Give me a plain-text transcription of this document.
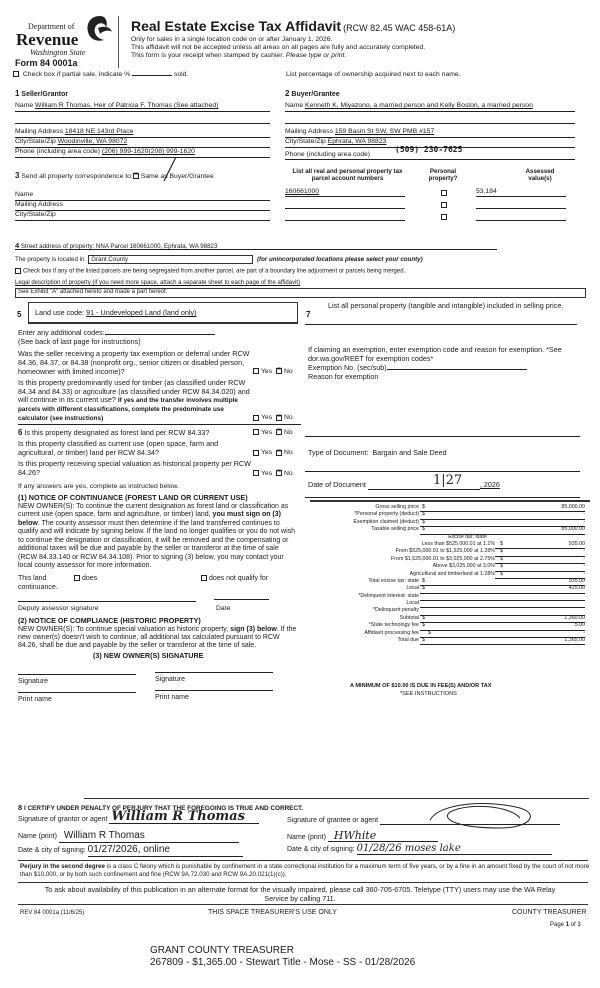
Department of
Revenue
Washington State
Form 84 0001a
Real Estate Excise Tax Affidavit (RCW 82.45 WAC 458-61A)
Only for sales in a single location code on or after January 1, 2026.
This affidavit will not be accepted unless all areas on all pages are fully and accurately completed.
This form is your receipt when stamped by cashier. Please type or print.
Check box if partial sale, indicate %	sold.	List percentage of ownership acquired next to each name.
1 Seller/Grantor
Name William R Thomas, Heir of Patricia F. Thomas (See attached)
Mailing Address 18418 NE 143rd Place
City/State/Zip Woodinville, WA 98072
Phone (including area code) (206) 999-1620(208) 999-1620
3 Send all property correspondence to: × Same as Buyer/Grantee
Name
Mailing Address
City/State/Zip
2 Buyer/Grantee
Name Kenneth K. Miyazono, a married person and Kelly Boston, a married person
Mailing Address 159 Basin St SW, SW PMB #157
City/State/Zip Ephrata, WA 98823
Phone (including area code)
(509) 230-7625
List all real and personal property tax parcel account numbers
Personal property?
Assessed value(s)
160661000	53,184
4 Street address of property: NNA Parcel 160661000, Ephrata, WA 98823
The property is located in Grant County	(for unincorporated locations please select your county)
Check box if any of the listed parcels are being segregated from another parcel, are part of a boundary line adjustment or parcels being merged.
Legal description of property (if you need more space, attach a separate sheet to each page of the affidavit)
See Exhibit "A" attached hereto and made a part hereof.
5	Land use code: 91 - Undeveloped Land (land only)	7
List all personal property (tangible and intangible) included in selling price.
Enter any additional codes:
(See back of last page for instructions)
Was the seller receiving a property tax exemption or deferral under RCW 84.36, 84.37, or 84.38 (nonprofit org., senior citizen or disabled person, homeowner with limited income)?	Yes × No
Is this property predominantly used for timber (as classified under RCW 84.34 and 84.33) or agriculture (as classified under RCW 84.34.020) and will continue in its current use? If yes and the transfer involves multiple parcels with different classifications, complete the predominate use calculator (see instructions)	Yes × No
6 Is this property designated as forest land per RCW 84.33?	Yes × No
Is this property classified as current use (open space, farm and agricultural, or timber) land per RCW 84.34?	Yes × No
Is this property receiving special valuation as historical property per RCW 84.26?	Yes × No
If any answers are yes, complete as instructed below.
(1) NOTICE OF CONTINUANCE (FOREST LAND OR CURRENT USE)
NEW OWNER(S): To continue the current designation as forest land or classification as current use (open space, farm and agriculture, or timber) land, you must sign on (3) below. The county assessor must then determine if the land transferred continues to qualify and will indicate by signing below. If the land no longer qualifies or you do not wish to continue the designation or classification, it will be removed and the compensating or additional taxes will be due and payable by the seller or transferor at the time of sale (RCW 84.33.140 or RCW 84.34.108). Prior to signing (3) below, you may contact your local county assessor for more information.
This land	does	does not qualify for
continuance.
Deputy assessor signature	Date
(2) NOTICE OF COMPLIANCE (HISTORIC PROPERTY)
NEW OWNER(S): To continue special valuation as historic property, sign (3) below. If the new owner(s) doesn't wish to continue, all additional tax calculated pursuant to RCW 84.26, shall be due and payable by the seller or transferor at the time of sale.
(3) NEW OWNER(S) SIGNATURE
Signature	Signature
Print name	Print name
If claiming an exemption, enter exemption code and reason for exemption. *See dor.wa.gov/REET for exemption codes*
Exemption No. (sec/sub)
Reason for exemption
Type of Document: Bargain and Sale Deed
Date of Document	1|27 , 2026
Gross selling price $	85,000.00
*Personal property (deduct) $	-
Exemption claimed (deduct) $	-
Taxable selling price $	85,000.00
Excise tax: state
Less than $525,000.01 at 1.1% $	935.00
From $525,000.01 to $1,525,000 at 1.28% $	-
From $1,525,000.01 to $3,025,000 at 2.75% $	-
Above $3,025,000 at 3.0% $	-
Agricultural and timberland at 1.28% $	-
Total excise tax: state $	935.00
Local $	425.00
*Delinquent interest: state
Local
*Delinquent penalty
Subtotal $	1,360.00
*State technology fee $	5.00
Affidavit processing fee $	-
Total due $	1,365.00
A MINIMUM OF $10.00 IS DUE IN FEE(S) AND/OR TAX
*SEE INSTRUCTIONS
8 I CERTIFY UNDER PENALTY OF PERJURY THAT THE FOREGOING IS TRUE AND CORRECT.
Signature of grantor or agent William R Thomas
Name (print) William R Thomas
Date & city of signing: 01/27/2026, online
Signature of grantee or agent
Name (print) HWhite
Date & city of signing: 01/28/26 moses lake
Perjury in the second degree is a class C felony which is punishable by confinement in a state correctional institution for a maximum term of five years, or by a fine in an amount fixed by the court of not more than $10,000, or by both such confinement and fine (RCW 9A.72.030 and RCW 9A.20.021(1)(c)).
To ask about availability of this publication in an alternate format for the visually impaired, please call 360-705-6705. Teletype (TTY) users may use the WA Relay Service by calling 711.
REV 84 0001a (11/6/25)	THIS SPACE TREASURER'S USE ONLY	COUNTY TREASURER
Page 1 of 3
GRANT COUNTY TREASURER
267809 - $1,365.00 - Stewart Title - Mose - SS - 01/28/2026
